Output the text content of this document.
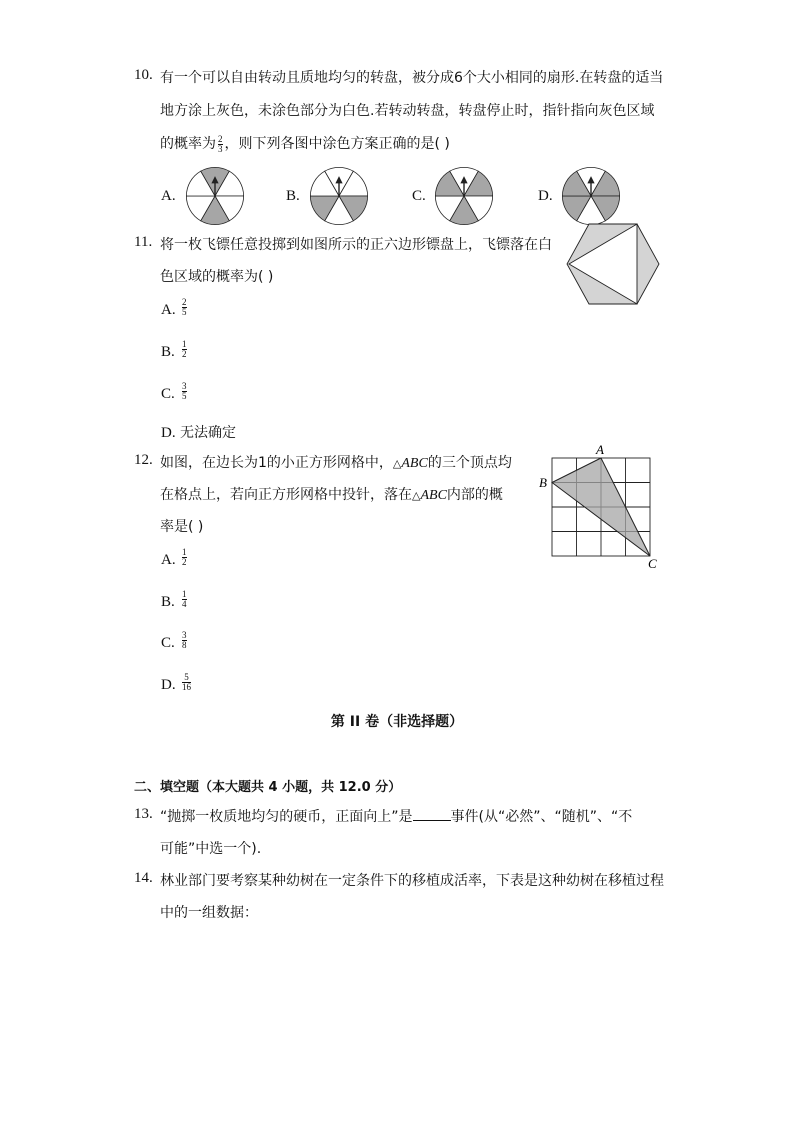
10. 有一个可以自由转动且质地均匀的转盘，被分成6个大小相同的扇形.在转盘的适当
地方涂上灰色，未涂色部分为白色.若转动转盘，转盘停止时，指针指向灰色区域
的概率为 $\frac{2}{3}$ ，则下列各图中涂色方案正确的是( )
A.	B.	C.	D.
11. 将一枚飞镖任意投掷到如图所示的正六边形镖盘上，飞镖落在白
色区域的概率为( )
A. 2
5
B. 1
2
C. 3
5
D. 无法确定
12. 如图，在边长为1的小正方形网格中，△ABC的三个顶点均
在格点上，若向正方形网格中投针，落在△ABC内部的概
率是( )
A
B
C
A. 1
2
B. 1
4
C. 3
8
D. 5
16
第 II 卷（非选择题）
二、填空题（本大题共 4 小题，共 12.0 分）
13. “抛掷一枚质地均匀的硬币，正面向上”是	事件(从“必然”、“随机”、“不
可能”中选一个).
14. 林业部门要考察某种幼树在一定条件下的移植成活率，下表是这种幼树在移植过程
中的一组数据：
